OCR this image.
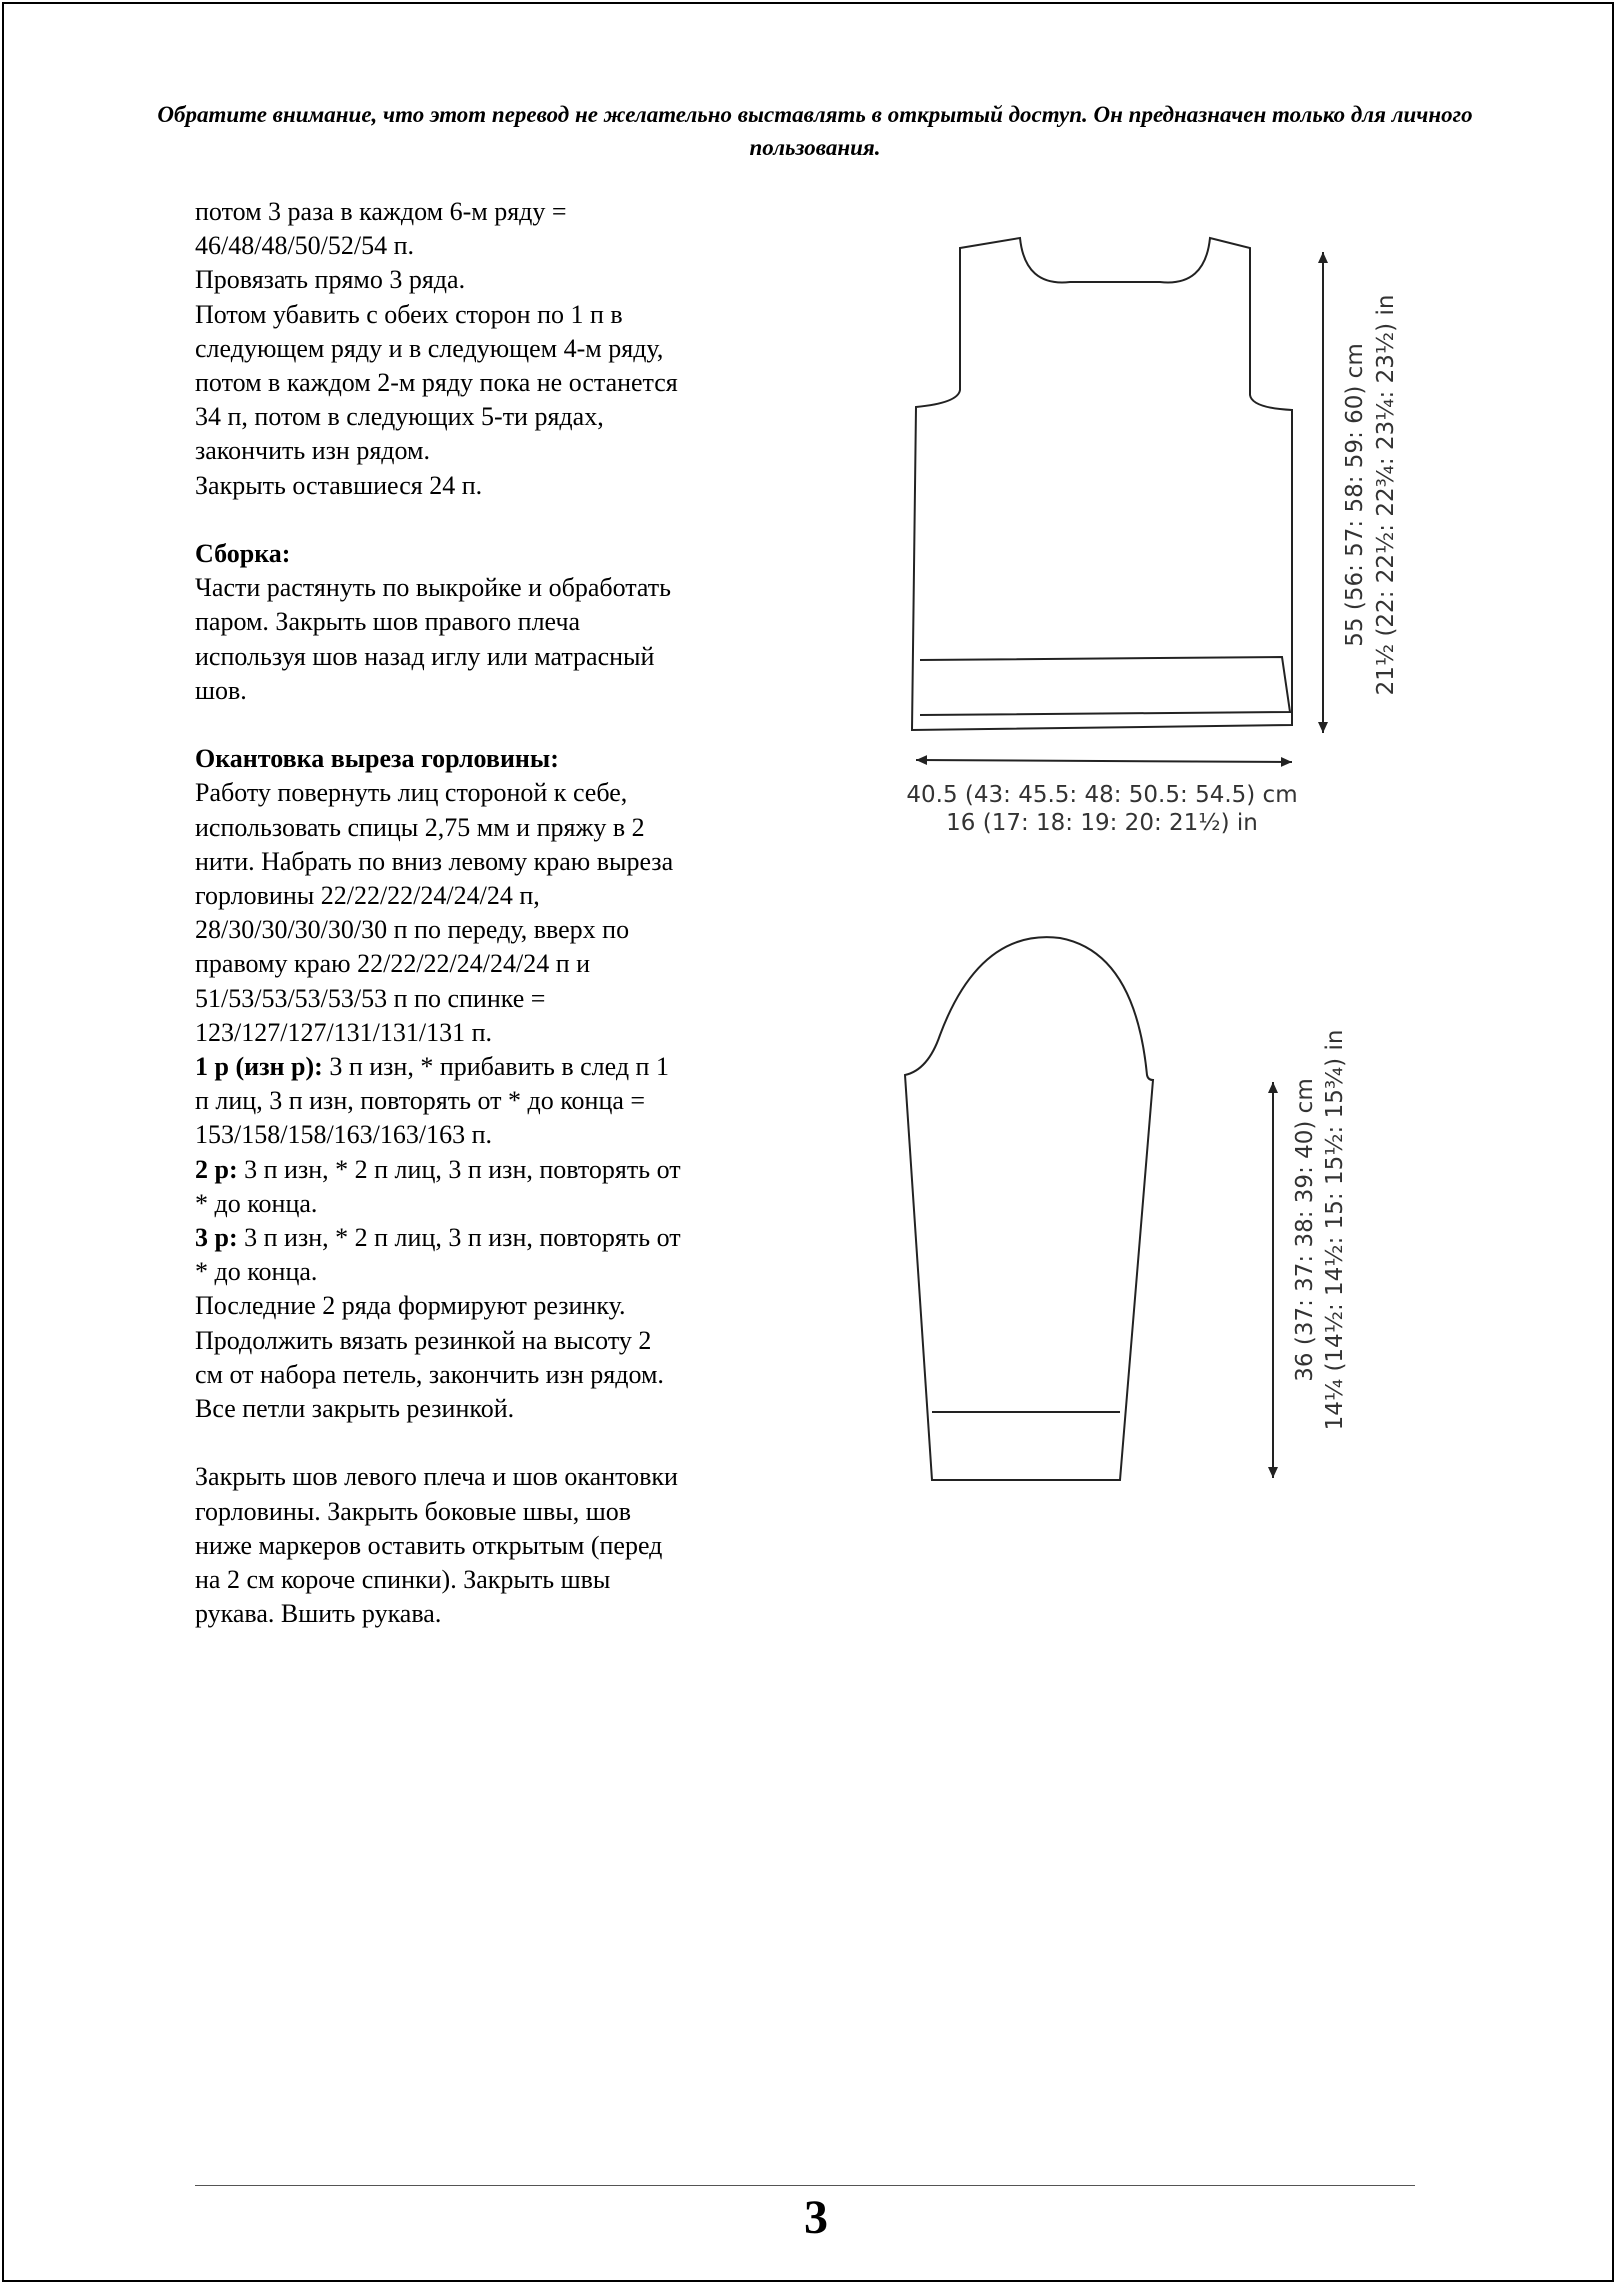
Обратите внимание, что этот перевод не желательно выставлять в открытый доступ. Он предназначен только для личного пользования.

потом 3 раза в каждом 6-м ряду =

46/48/48/50/52/54 п.

Провязать прямо 3 ряда.

Потом убавить с обеих сторон по 1 п в

следующем ряду и в следующем 4-м ряду,

потом в каждом 2-м ряду пока не останется

34 п, потом в следующих 5-ти рядах,

закончить изн рядом.

Закрыть оставшиеся 24 п.

Сборка:

Части растянуть по выкройке и обработать

паром. Закрыть шов правого плеча

используя шов назад иглу или матрасный

шов.

Окантовка выреза горловины:

Работу повернуть лиц стороной к себе,

использовать спицы 2,75 мм и пряжу в 2

нити. Набрать по вниз левому краю выреза

горловины 22/22/22/24/24/24 п,

28/30/30/30/30/30 п по переду, вверх по

правому краю 22/22/22/24/24/24 п и

51/53/53/53/53/53 п по спинке =

123/127/127/131/131/131 п.

1 р (изн р): 3 п изн, * прибавить в след п 1

п лиц, 3 п изн, повторять от * до конца =

153/158/158/163/163/163 п.

2 р: 3 п изн, * 2 п лиц, 3 п изн, повторять от

* до конца.

3 р: 3 п изн, * 2 п лиц, 3 п изн, повторять от

* до конца.

Последние 2 ряда формируют резинку.

Продолжить вязать резинкой на высоту 2

см от набора петель, закончить изн рядом.

Все петли закрыть резинкой.

Закрыть шов левого плеча и шов окантовки

горловины. Закрыть боковые швы, шов

ниже маркеров оставить открытым (перед

на 2 см короче спинки). Закрыть швы

рукава. Вшить рукава.

40.5 (43: 45.5: 48: 50.5: 54.5) cm
16 (17: 18: 19: 20: 21½) in
55 (56: 57: 58: 59: 60) cm 21½ (22: 22½: 22¾: 23¼: 23½) in
36 (37: 37: 38: 39: 40) cm 14¼ (14½: 14½: 15: 15½: 15¾) in
3
